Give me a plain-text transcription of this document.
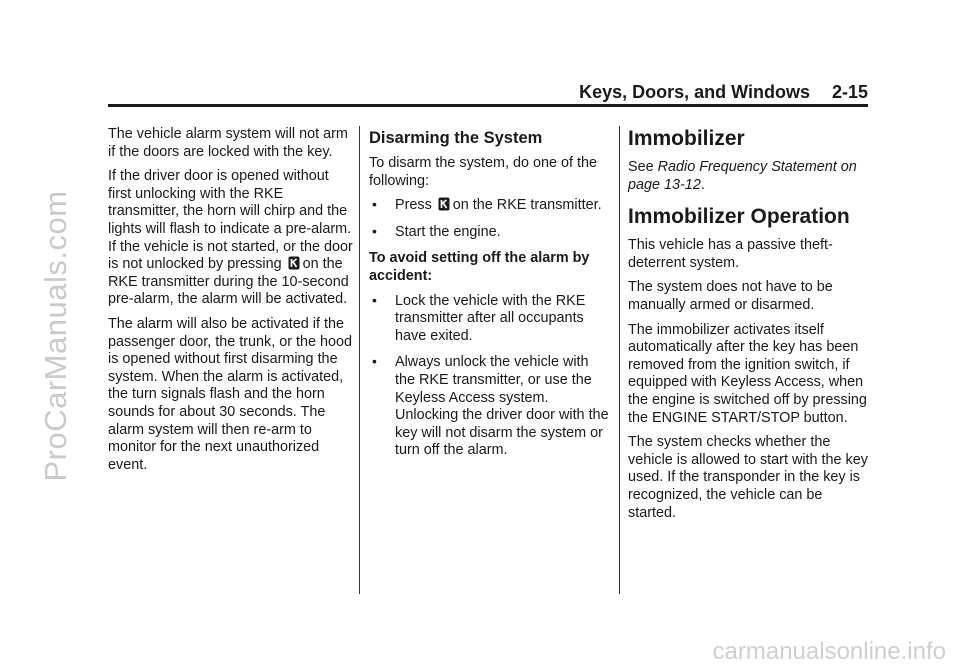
ProCarManuals.com
carmanualsonline.info
Keys, Doors, and Windows 2-15

The vehicle alarm system will not arm if the doors are locked with the key.

If the driver door is opened without first unlocking with the RKE transmitter, the horn will chirp and the lights will flash to indicate a pre-alarm. If the vehicle is not started, or the door is not unlocked by pressing on the RKE transmitter during the 10-second pre-alarm, the alarm will be activated.

The alarm will also be activated if the passenger door, the trunk, or the hood is opened without first disarming the system. When the alarm is activated, the turn signals flash and the horn sounds for about 30 seconds. The alarm system will then re-arm to monitor for the next unauthorized event.

Disarming the System

To disarm the system, do one of the following:

• Press on the RKE transmitter.
• Start the engine.

To avoid setting off the alarm by accident:

• Lock the vehicle with the RKE transmitter after all occupants have exited.
• Always unlock the vehicle with the RKE transmitter, or use the Keyless Access system. Unlocking the driver door with the key will not disarm the system or turn off the alarm.
Immobilizer

See Radio Frequency Statement on page 13-12.

Immobilizer Operation

This vehicle has a passive theft-deterrent system.

The system does not have to be manually armed or disarmed.

The immobilizer activates itself automatically after the key has been removed from the ignition switch, if equipped with Keyless Access, when the engine is switched off by pressing the ENGINE START/STOP button.

The system checks whether the vehicle is allowed to start with the key used. If the transponder in the key is recognized, the vehicle can be started.
